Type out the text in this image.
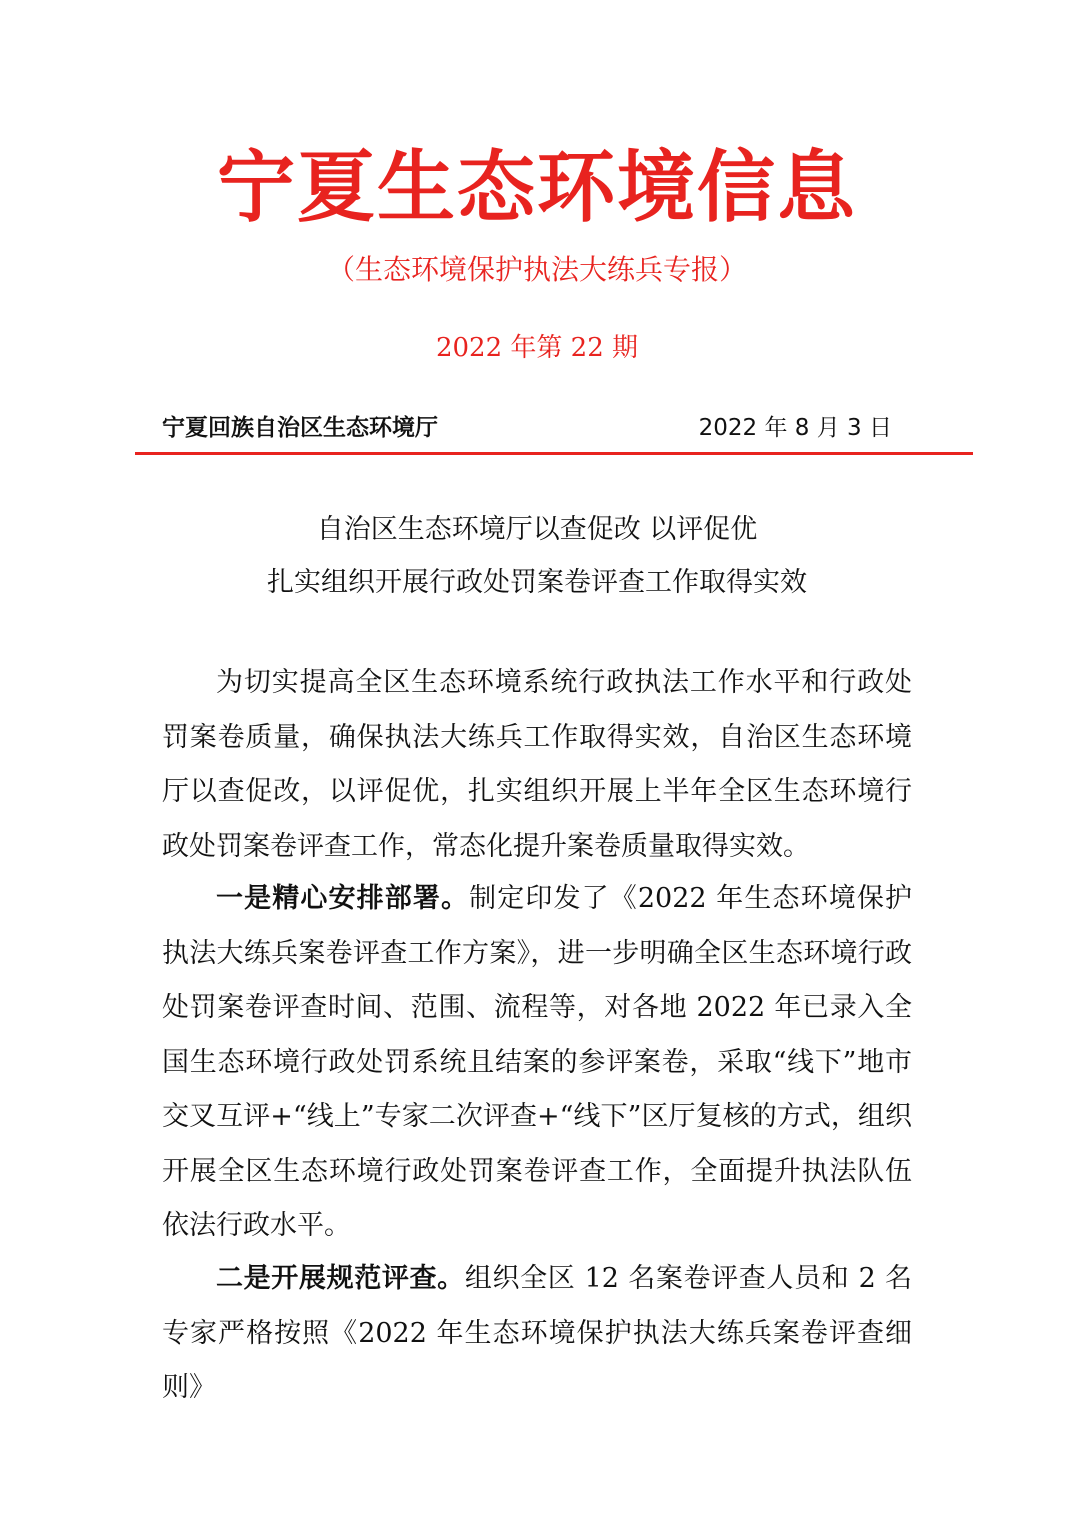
宁夏生态环境信息
（生态环境保护执法大练兵专报）
2022 年第 22 期
宁夏回族自治区生态环境厅	2022 年 8 月 3 日
自治区生态环境厅以查促改 以评促优
扎实组织开展行政处罚案卷评查工作取得实效

为切实提高全区生态环境系统行政执法工作水平和行政处罚案卷质量，确保执法大练兵工作取得实效，自治区生态环境厅以查促改，以评促优，扎实组织开展上半年全区生态环境行政处罚案卷评查工作，常态化提升案卷质量取得实效。

一是精心安排部署。制定印发了《2022 年生态环境保护执法大练兵案卷评查工作方案》，进一步明确全区生态环境行政处罚案卷评查时间、范围、流程等，对各地 2022 年已录入全国生态环境行政处罚系统且结案的参评案卷，采取“线下”地市交叉互评+“线上”专家二次评查+“线下”区厅复核的方式，组织开展全区生态环境行政处罚案卷评查工作，全面提升执法队伍依法行政水平。

二是开展规范评查。组织全区 12 名案卷评查人员和 2 名专家严格按照《2022 年生态环境保护执法大练兵案卷评查细则》
